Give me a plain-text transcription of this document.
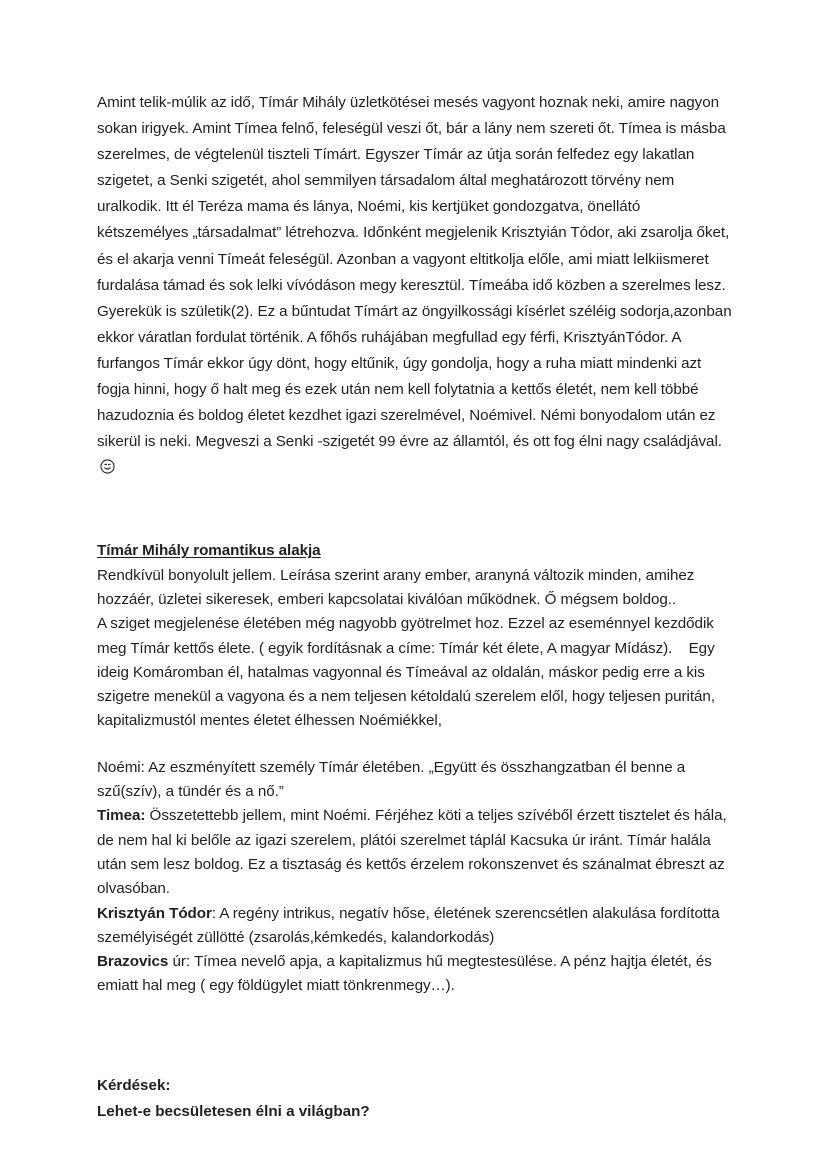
Amint telik-múlik az idő, Tímár Mihály üzletkötései mesés vagyont hoznak neki, amire nagyon sokan irigyek. Amint Tímea felnő, feleségül veszi őt, bár a lány nem szereti őt. Tímea is másba szerelmes, de végtelenül tiszteli Tímárt. Egyszer Tímár az útja során felfedez egy lakatlan szigetet, a Senki szigetét, ahol semmilyen társadalom által meghatározott törvény nem uralkodik. Itt él Teréza mama és lánya, Noémi, kis kertjüket gondozgatva, önellátó kétszemélyes „társadalmat” létrehozva. Időnként megjelenik Krisztyián Tódor, aki zsarolja őket, és el akarja venni Tímeát feleségül. Azonban a vagyont eltitkolja előle, ami miatt lelkiismeret furdalása támad és sok lelki vívódáson megy keresztül. Tímeába idő közben a szerelmes lesz. Gyerekük is születik(2). Ez a bűntudat Tímárt az öngyilkossági kísérlet széléig sodorja,azonban ekkor váratlan fordulat történik. A főhős ruhájában megfullad egy férfi, KrisztyánTódor. A furfangos Tímár ekkor úgy dönt, hogy eltűnik, úgy gondolja, hogy a ruha miatt mindenki azt fogja hinni, hogy ő halt meg és ezek után nem kell folytatnia a kettős életét, nem kell többé hazudoznia és boldog életet kezdhet igazi szerelmével, Noémivel. Némi bonyodalom után ez sikerül is neki. Megveszi a Senki -szigetét 99 évre az államtól, és ott fog élni nagy családjával.

Tímár Mihály romantikus alakja
Rendkívül bonyolult jellem. Leírása szerint arany ember, aranyná változik minden, amihez hozzáér, üzletei sikeresek, emberi kapcsolatai kiválóan működnek. Ő mégsem boldog..
A sziget megjelenése életében még nagyobb gyötrelmet hoz. Ezzel az eseménnyel kezdődik meg Tímár kettős élete. ( egyik fordításnak a címe: Tímár két élete, A magyar Mídász). Egy ideig Komáromban él, hatalmas vagyonnal és Tímeával az oldalán, máskor pedig erre a kis szigetre menekül a vagyona és a nem teljesen kétoldalú szerelem elől, hogy teljesen puritán, kapitalizmustól mentes életet élhessen Noémiékkel,

Noémi: Az eszményített személy Tímár életében. „Együtt és összhangzatban él benne a szű(szív), a tündér és a nő.”
Timea: Összetettebb jellem, mint Noémi. Férjéhez köti a teljes szívéből érzett tisztelet és hála, de nem hal ki belőle az igazi szerelem, plátói szerelmet táplál Kacsuka úr iránt. Tímár halála után sem lesz boldog. Ez a tisztaság és kettős érzelem rokonszenvet és szánalmat ébreszt az olvasóban.
Krisztyán Tódor: A regény intrikus, negatív hőse, életének szerencsétlen alakulása fordította személyiségét züllötté (zsarolás,kémkedés, kalandorkodás)
Brazovics úr: Tímea nevelő apja, a kapitalizmus hű megtestesülése. A pénz hajtja életét, és emiatt hal meg ( egy földügylet miatt tönkrenmegy…).

Kérdések:
Lehet-e becsületesen élni a világban?
